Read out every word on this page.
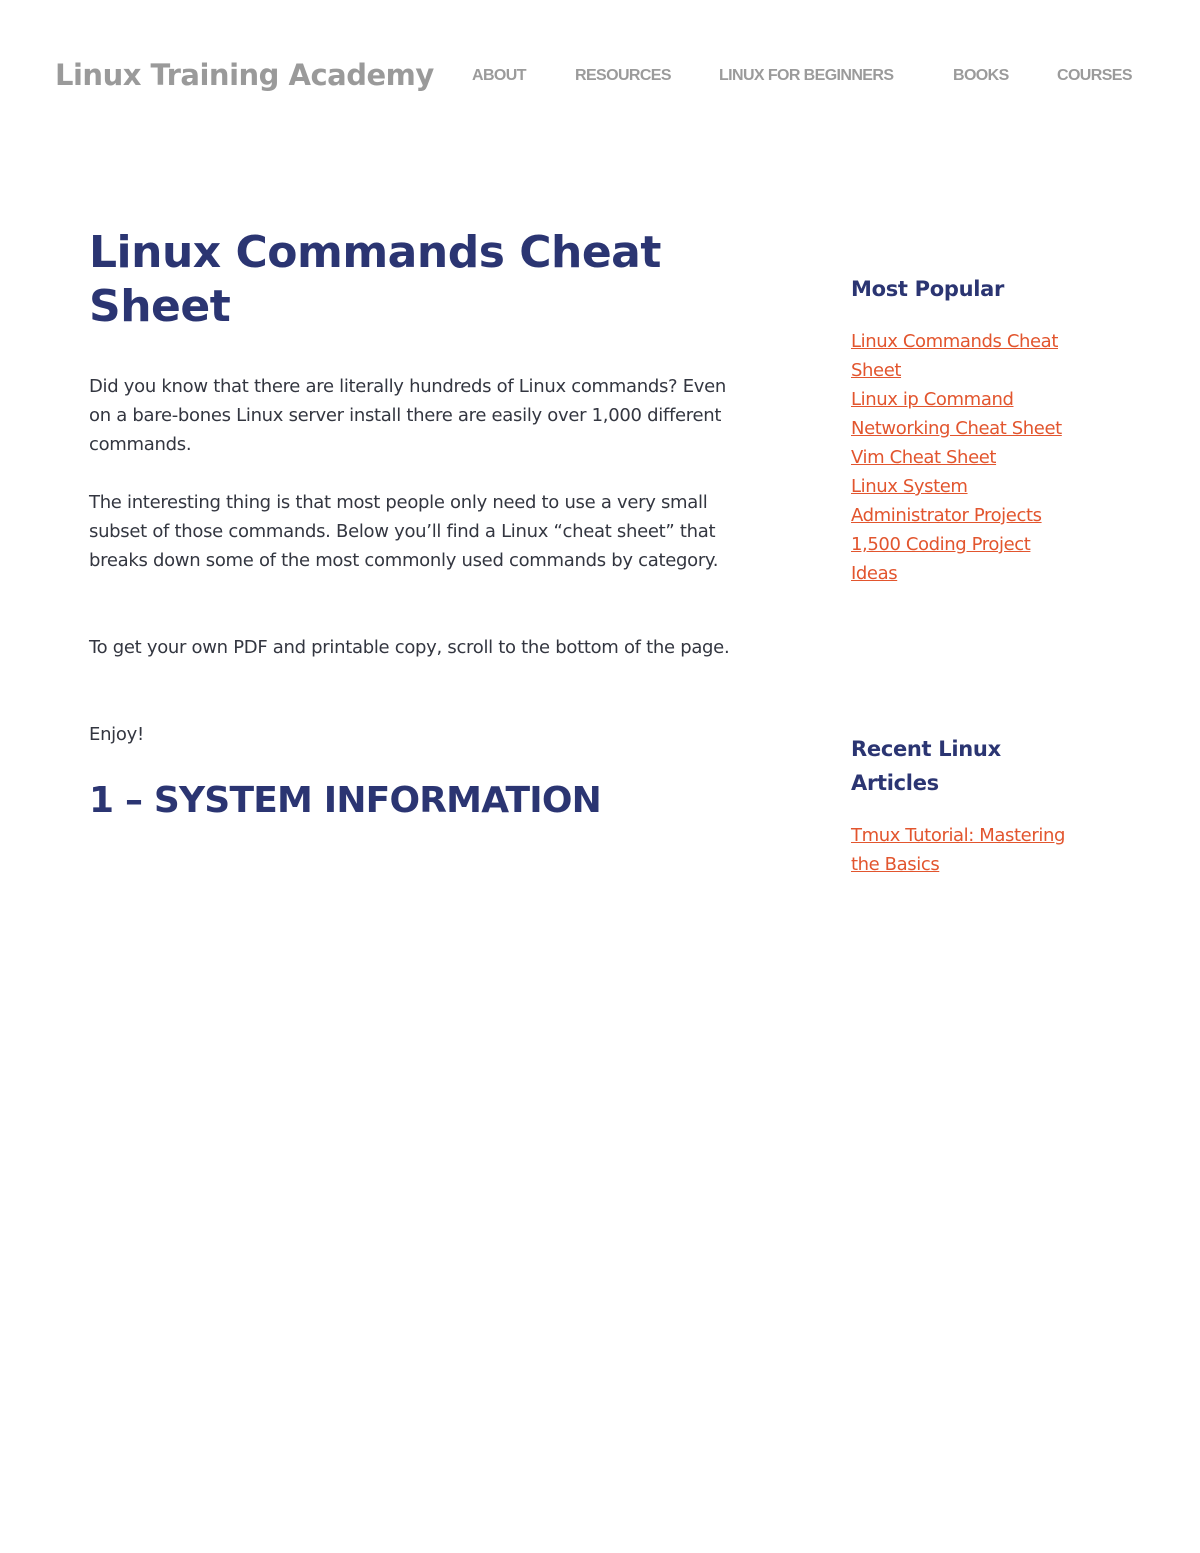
Linux Training Academy ABOUT	RESOURCES	LINUX FOR BEGINNERS	BOOKS	COURSES
Linux Commands Cheat Sheet

Did you know that there are literally hundreds of Linux commands? Even on a bare-bones Linux server install there are easily over 1,000 different commands.

The interesting thing is that most people only need to use a very small subset of those commands. Below you’ll find a Linux “cheat sheet” that breaks down some of the most commonly used commands by category.

To get your own PDF and printable copy, scroll to the bottom of the page.

Enjoy!

1 – SYSTEM INFORMATION
Most Popular
Linux Commands Cheat Sheet
Linux ip Command Networking Cheat Sheet
Vim Cheat Sheet
Linux System Administrator Projects
1,500 Coding Project Ideas
Recent Linux Articles
Tmux Tutorial: Mastering the Basics
